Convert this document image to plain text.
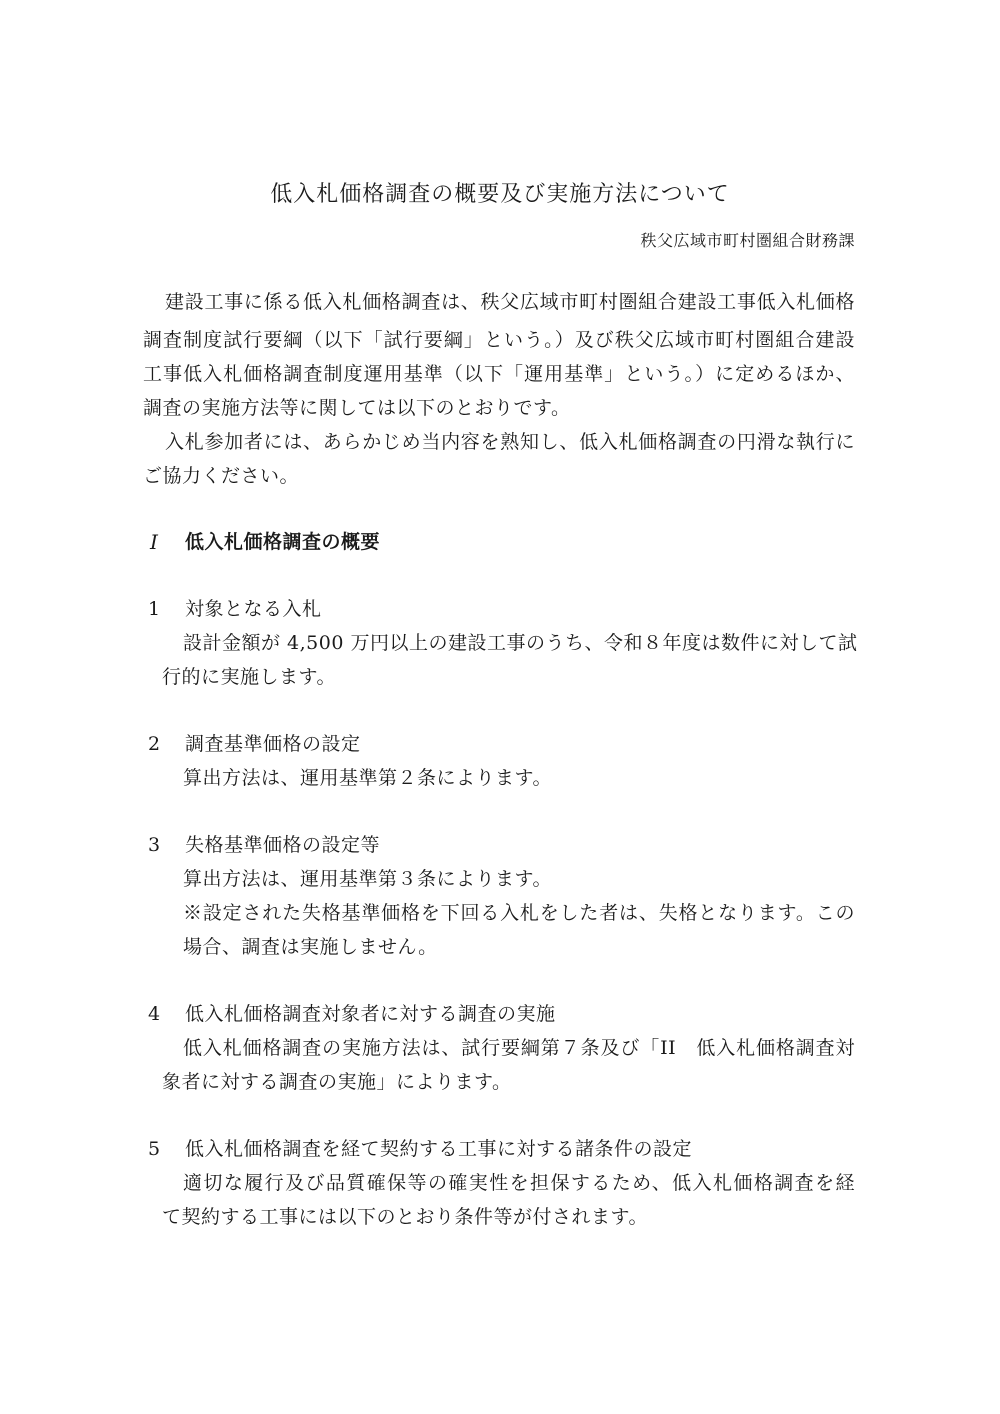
低入札価格調査の概要及び実施方法について
秩父広域市町村圏組合財務課
建設工事に係る低入札価格調査は、秩父広域市町村圏組合建設工事低入札価格
調査制度試行要綱（以下「試行要綱」という。）及び秩父広域市町村圏組合建設
工事低入札価格調査制度運用基準（以下「運用基準」という。）に定めるほか、
調査の実施方法等に関しては以下のとおりです。
入札参加者には、あらかじめ当内容を熟知し、低入札価格調査の円滑な執行に
ご協力ください。
I 低入札価格調査の概要
1 対象となる入札
設計金額が 4,500 万円以上の建設工事のうち、令和８年度は数件に対して試
行的に実施します。
2 調査基準価格の設定
算出方法は、運用基準第２条によります。
3 失格基準価格の設定等
算出方法は、運用基準第３条によります。
※設定された失格基準価格を下回る入札をした者は、失格となります。この
場合、調査は実施しません。
4 低入札価格調査対象者に対する調査の実施
低入札価格調査の実施方法は、試行要綱第７条及び「II　低入札価格調査対
象者に対する調査の実施」によります。
5 低入札価格調査を経て契約する工事に対する諸条件の設定
適切な履行及び品質確保等の確実性を担保するため、低入札価格調査を経
て契約する工事には以下のとおり条件等が付されます。
